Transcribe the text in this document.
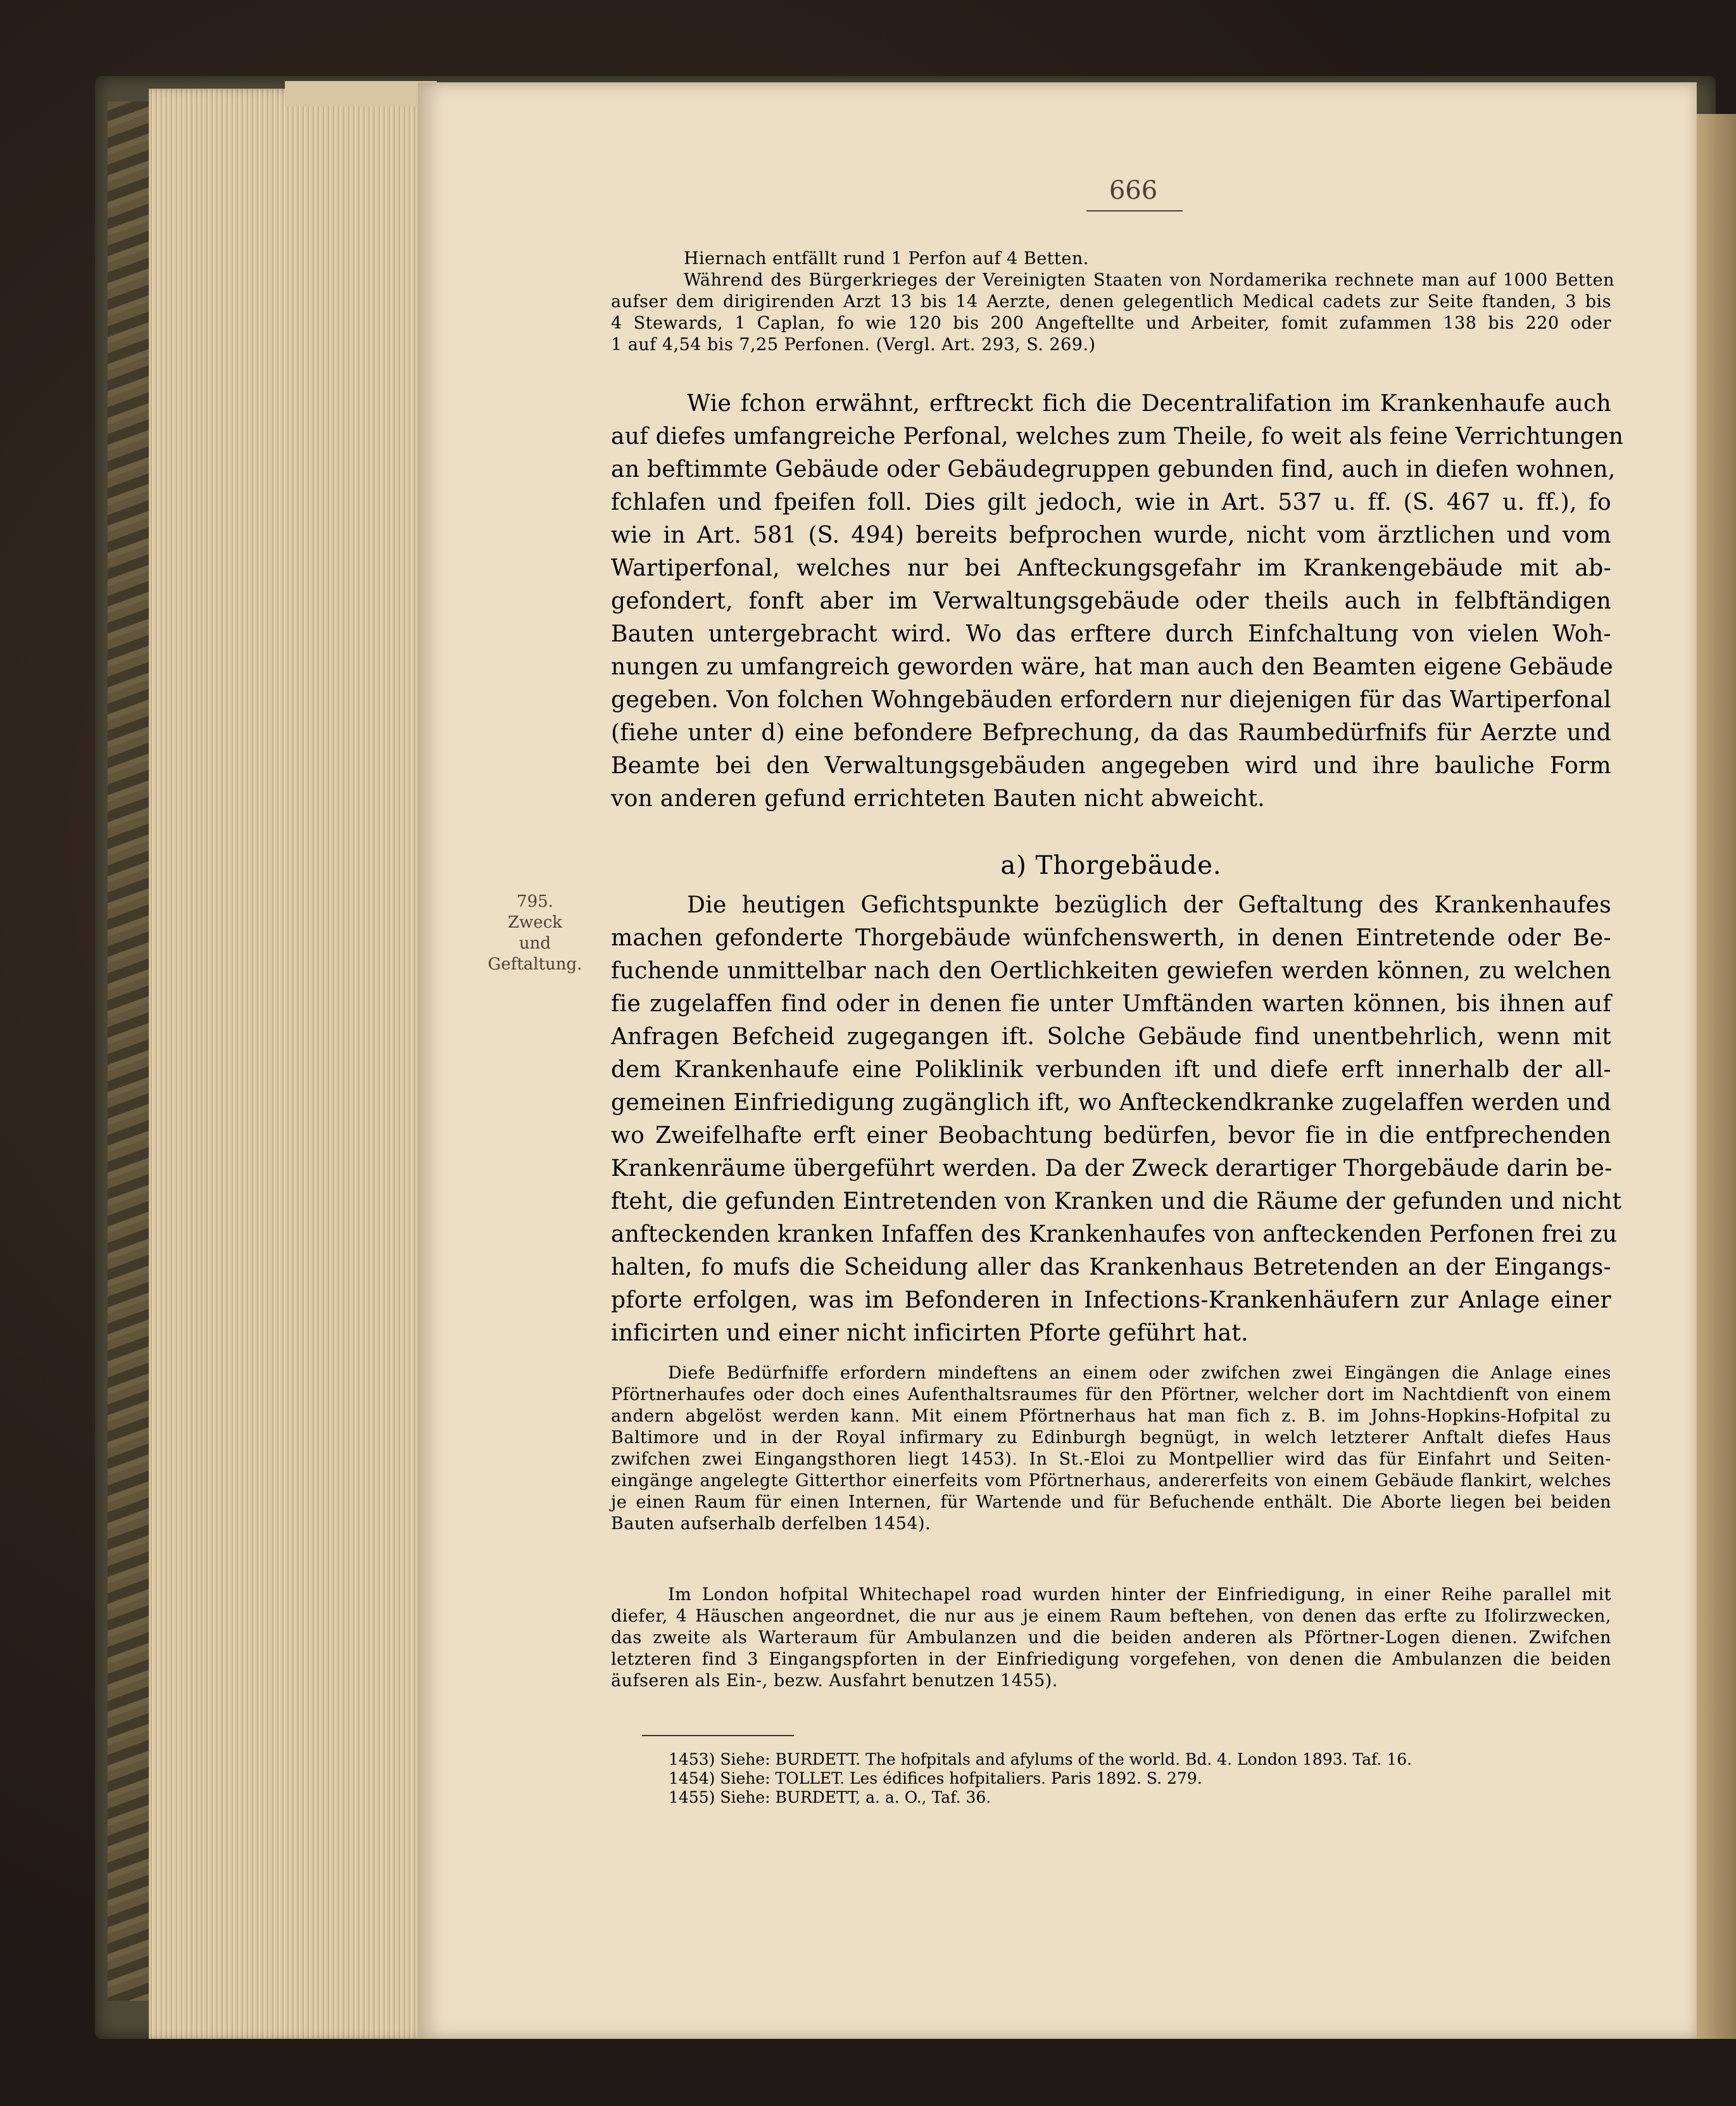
666
Hiernach entfällt rund 1 Perfon auf 4 Betten.
Während des Bürgerkrieges der Vereinigten Staaten von Nordamerika rechnete man auf 1000 Betten
aufser dem dirigirenden Arzt 13 bis 14 Aerzte, denen gelegentlich Medical cadets zur Seite ftanden, 3 bis
4 Stewards, 1 Caplan, fo wie 120 bis 200 Angeftellte und Arbeiter, fomit zufammen 138 bis 220 oder
1 auf 4,54 bis 7,25 Perfonen. (Vergl. Art. 293, S. 269.)
Wie fchon erwähnt, erftreckt fich die Decentralifation im Krankenhaufe auch
auf diefes umfangreiche Perfonal, welches zum Theile, fo weit als feine Verrichtungen
an beftimmte Gebäude oder Gebäudegruppen gebunden find, auch in diefen wohnen,
fchlafen und fpeifen foll. Dies gilt jedoch, wie in Art. 537 u. ff. (S. 467 u. ff.), fo
wie in Art. 581 (S. 494) bereits befprochen wurde, nicht vom ärztlichen und vom
Wartiperfonal, welches nur bei Anfteckungsgefahr im Krankengebäude mit ab-
gefondert, fonft aber im Verwaltungsgebäude oder theils auch in felbftändigen
Bauten untergebracht wird. Wo das erftere durch Einfchaltung von vielen Woh-
nungen zu umfangreich geworden wäre, hat man auch den Beamten eigene Gebäude
gegeben. Von folchen Wohngebäuden erfordern nur diejenigen für das Wartiperfonal
(fiehe unter d) eine befondere Befprechung, da das Raumbedürfnifs für Aerzte und
Beamte bei den Verwaltungsgebäuden angegeben wird und ihre bauliche Form
von anderen gefund errichteten Bauten nicht abweicht.
a) Thorgebäude.
795.
Zweck
und
Geftaltung.
Die heutigen Gefichtspunkte bezüglich der Geftaltung des Krankenhaufes
machen gefonderte Thorgebäude wünfchenswerth, in denen Eintretende oder Be-
fuchende unmittelbar nach den Oertlichkeiten gewiefen werden können, zu welchen
fie zugelaffen find oder in denen fie unter Umftänden warten können, bis ihnen auf
Anfragen Befcheid zugegangen ift. Solche Gebäude find unentbehrlich, wenn mit
dem Krankenhaufe eine Poliklinik verbunden ift und diefe erft innerhalb der all-
gemeinen Einfriedigung zugänglich ift, wo Anfteckendkranke zugelaffen werden und
wo Zweifelhafte erft einer Beobachtung bedürfen, bevor fie in die entfprechenden
Krankenräume übergeführt werden. Da der Zweck derartiger Thorgebäude darin be-
fteht, die gefunden Eintretenden von Kranken und die Räume der gefunden und nicht
anfteckenden kranken Infaffen des Krankenhaufes von anfteckenden Perfonen frei zu
halten, fo mufs die Scheidung aller das Krankenhaus Betretenden an der Eingangs-
pforte erfolgen, was im Befonderen in Infections-Krankenhäufern zur Anlage einer
inficirten und einer nicht inficirten Pforte geführt hat.
Diefe Bedürfniffe erfordern mindeftens an einem oder zwifchen zwei Eingängen die Anlage eines
Pförtnerhaufes oder doch eines Aufenthaltsraumes für den Pförtner, welcher dort im Nachtdienft von einem
andern abgelöst werden kann. Mit einem Pförtnerhaus hat man fich z. B. im Johns-Hopkins-Hofpital zu
Baltimore und in der Royal infirmary zu Edinburgh begnügt, in welch letzterer Anftalt diefes Haus
zwifchen zwei Eingangsthoren liegt 1453). In St.-Eloi zu Montpellier wird das für Einfahrt und Seiten-
eingänge angelegte Gitterthor einerfeits vom Pförtnerhaus, andererfeits von einem Gebäude flankirt, welches
je einen Raum für einen Internen, für Wartende und für Befuchende enthält. Die Aborte liegen bei beiden
Bauten aufserhalb derfelben 1454).
Im London hofpital Whitechapel road wurden hinter der Einfriedigung, in einer Reihe parallel mit
diefer, 4 Häuschen angeordnet, die nur aus je einem Raum beftehen, von denen das erfte zu Ifolirzwecken,
das zweite als Warteraum für Ambulanzen und die beiden anderen als Pförtner-Logen dienen. Zwifchen
letzteren find 3 Eingangspforten in der Einfriedigung vorgefehen, von denen die Ambulanzen die beiden
äufseren als Ein-, bezw. Ausfahrt benutzen 1455).
1453) Siehe: BURDETT. The hofpitals and afylums of the world. Bd. 4. London 1893. Taf. 16.
1454) Siehe: TOLLET. Les édifices hofpitaliers. Paris 1892. S. 279.
1455) Siehe: BURDETT, a. a. O., Taf. 36.
